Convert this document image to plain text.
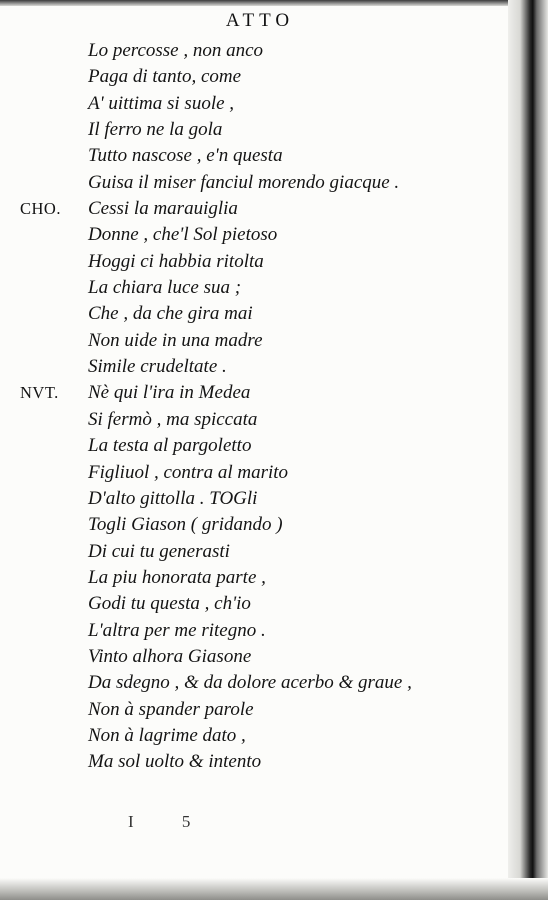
ATTO
Lo percosse , non anco
Paga di tanto, come
A' uittima si suole ,
Il ferro ne la gola
Tutto nascose , e'n questa
Guisa il miser fanciul morendo giacque .
CHO. Cessi la marauiglia
Donne , che'l Sol pietoso
Hoggi ci habbia ritolta
La chiara luce sua ;
Che , da che gira mai
Non uide in una madre
Simile crudeltate .
NVT. Nè qui l'ira in Medea
Si fermò , ma spiccata
La testa al pargoletto
Figliuol , contra al marito
D'alto gittolla . TOGli
Togli Giason ( gridando )
Di cui tu generasti
La piu honorata parte ,
Godi tu questa , ch'io
L'altra per me ritegno .
Vinto alhora Giasone
Da sdegno , & da dolore acerbo & graue ,
Non à spander parole
Non à lagrime dato ,
Ma sol uolto & intento
I 5
